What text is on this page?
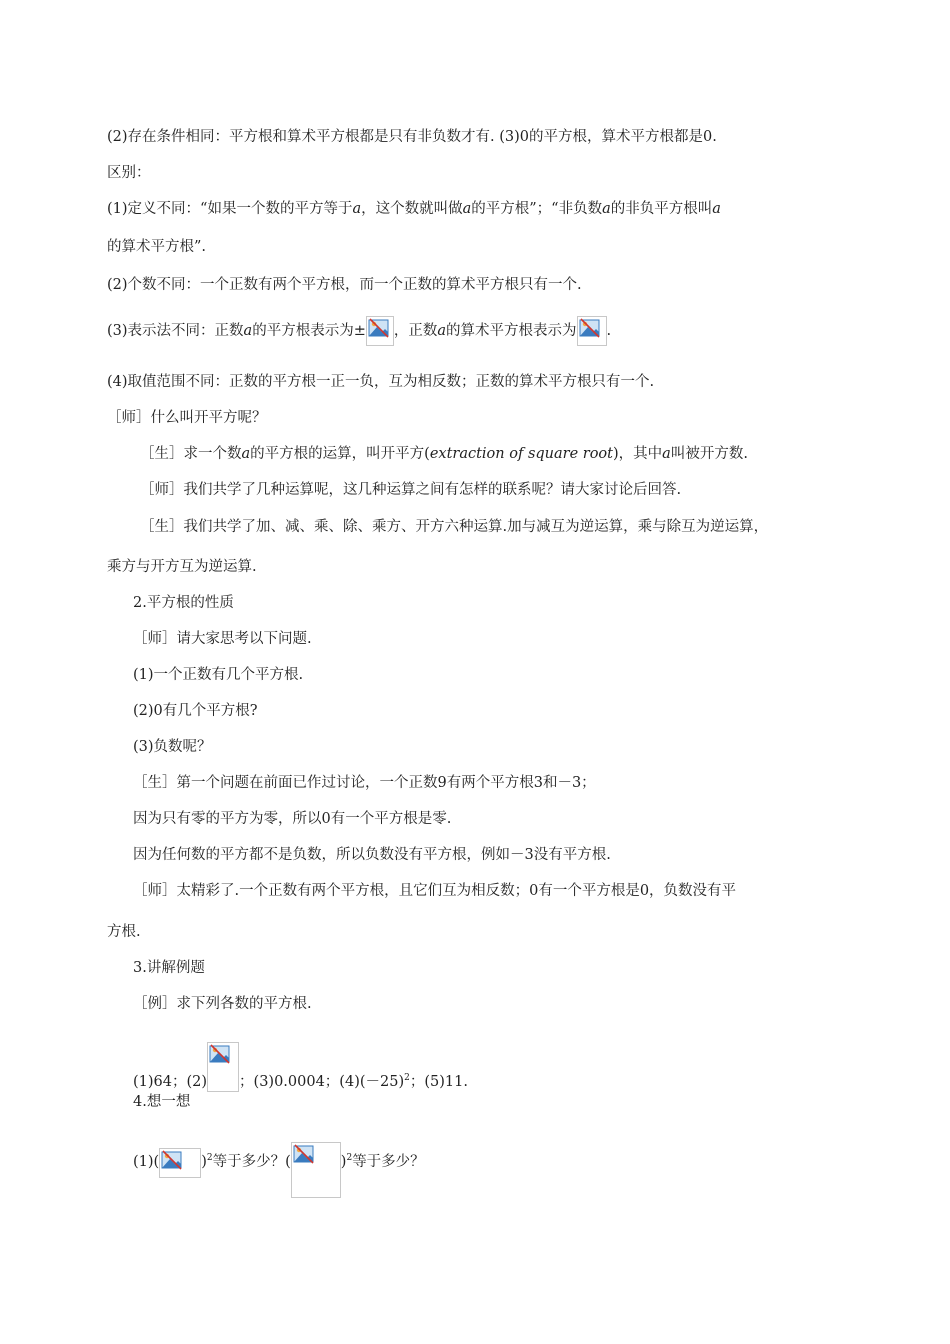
(2)存在条件相同：平方根和算术平方根都是只有非负数才有. (3)0的平方根，算术平方根都是0.
区别：
(1)定义不同：“如果一个数的平方等于a，这个数就叫做a的平方根”；“非负数a的非负平方根叫a
的算术平方根”.
(2)个数不同：一个正数有两个平方根，而一个正数的算术平方根只有一个.
(3)表示法不同：正数a的平方根表示为± ，正数a的算术平方根表示为 .
(4)取值范围不同：正数的平方根一正一负，互为相反数；正数的算术平方根只有一个.
［师］什么叫开平方呢？
［生］求一个数a的平方根的运算，叫开平方(extraction of square root)，其中a叫被开方数.
［师］我们共学了几种运算呢，这几种运算之间有怎样的联系呢？请大家讨论后回答.
［生］我们共学了加、减、乘、除、乘方、开方六种运算.加与减互为逆运算，乘与除互为逆运算，
乘方与开方互为逆运算.
2.平方根的性质
［师］请大家思考以下问题.
(1)一个正数有几个平方根.
(2)0有几个平方根?
(3)负数呢？
［生］第一个问题在前面已作过讨论，一个正数9有两个平方根3和－3；
因为只有零的平方为零，所以0有一个平方根是零.
因为任何数的平方都不是负数，所以负数没有平方根，例如－3没有平方根.
［师］太精彩了.一个正数有两个平方根，且它们互为相反数；0有一个平方根是0，负数没有平
方根.
3.讲解例题
［例］求下列各数的平方根.
(1)64；(2) ；(3)0.0004；$(4)(-25)^2$；(5)11.
4.想一想
(1)(	)$^2$等于多少？(	)$^2$等于多少？
